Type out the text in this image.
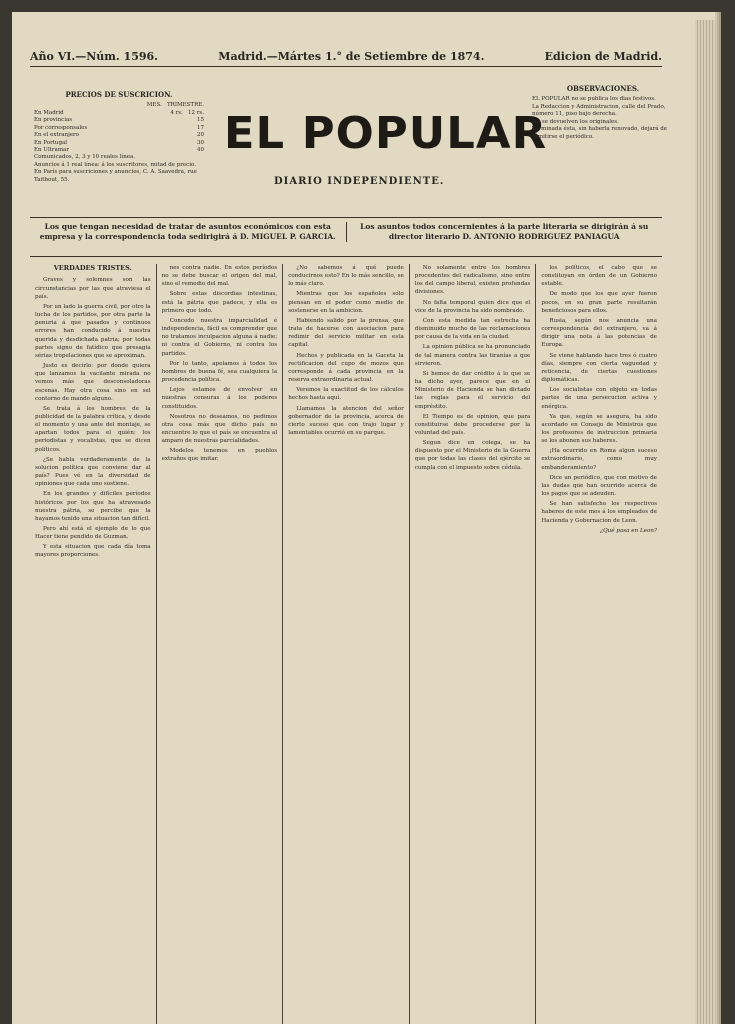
Año VI.—Núm. 1596.	Madrid.—Mártes 1.° de Setiembre de 1874.	Edicion de Madrid.
PRECIOS DE SUSCRICION.
MES. TRIMESTRE.
En Madrid	4 rs. 12 rs.
En provincias	15
Por corresponsales	17
En el extranjero	20
En Portugal	30
En Ultramar	40
Comunicados, 2, 3 y 10 reales línea.
Anuncios á 1 real línea: á los suscritores, mitad de precio.
En París para suscriciones y anuncios, C. A. Saavedra, rue Taitbout, 55.
EL POPULAR
DIARIO INDEPENDIENTE.
OBSERVACIONES.
EL POPULAR no se publica los dias festivos.
La Redaccion y Administracion, calle del Prado, número 11, piso bajo derecha.
No se devuelven los originales.
Terminada ésta, sin haberla renovado, dejará de remitirse el periódico.
Los que tengan necesidad de tratar de asuntos económicos con esta empresa y la correspondencia toda sedirigirá á D. MIGUEL P. GARCIA.
Los asuntos todos concernientes á la parte literaria se dirigirán á su director literario D. ANTONIO RODRIGUEZ PANIAGUA

VERDADES TRISTES.

Graves y solemnes son las circunstancias por las que atraviesa el país.

Por un lado la guerra civil, por otro la lucha de los partidos, por otra parte la penuria á que pasados y continuos errores han conducido á nuestra querida y desdichada patria; por todas partes signo de fatídico que presagia sérias tropelaciones que se aproximan.

Justo es decirlo: por donde quiera que lanzamos la vacilante mirada no vemos más que desconsoladoras escenas. Hay otra cosa sino en sel contorno de mando alguno.

Se trata á los hombres de la publicidad de la palabra crítica, y desde el momento y una ante del montaje, se apartan todos para el quién: los periodistas y vocalistas, que se dicen políticos.

¿Se habla verdaderamente de la solucion política que conviene dar al país? Pues vé en la diversidad de opiniones que cada uno sostiene.

En los grandes y difíciles períodos históricos por los que ha atravesado nuestra pátria, se percibe que la hayamos tenido una situacion tan difícil.

Pero ahí está el ejemplo de lo que Hacer tiene pendido de Guzman.

Y esta situacion que cada día toma mayores proporciones.

nes contra nadie. En estos períodos no se debe buscar el origen del mal, sino el remedio del mal.

Sobre estas discordias intestinas, está la pátria que padece, y ella es primero que todo.

Concedo nuestra imparcialidad é independencia, fácil es comprender que no tratamos inculpacion alguna á nadie; ni contra el Gobierno, ni contra los partidos.

Por lo tanto, apelamos á todos los hombres de buena fé, sea cualquiera la procedencia política.

Lejos estamos de envolver en nuestras censuras á los poderes constituidos.

Nosotros no deseamos, no pedimos otra cosa más que dicho país no encuentre lo que el país se encuentra al amparo de nuestras parcialidades.

Modelos tenemos en pueblos extraños que imitar.

¿No sabemos á qué puede conducirnos esto? En lo más sencillo, se lo más claro.

Mientras que los españoles sólo piensan en el poder como medio de sostenerse en la ambicion.

Habiendo salido por la prensa, que trata de hacerse con asociacion para redimir del servicio militar en esta capital.

Hechos y publicada en la Gaceta la rectificacion del cupo de mozos que corresponde á cada provincia en la reserva extraordinaria actual.

Veremos la exactitud de los cálculos hechos hasta aquí.

Llamamos la atencion del señor gobernador de la provincia, acerca de cierto suceso que con trajo lugar y lamentables ocurrió en su parque.

No solamente entre los hombres procedentes del radicalismo, sino entre los del campo liberal, existen profundas divisiones.

No falta temporal quien dice que el vice de la provincia ha sido nombrado.

Con esta medida tan estrecha ha disminuido mucho de las reclamaciones por causa de la vida en la ciudad.

La opinion pública se ha pronunciado de tal manera contra las tiranías a que sirvieron.

Si hemos de dar crédito á lo que se ha dicho ayer, parece que en el Ministerio de Hacienda se han dictado las reglas para el servicio del empréstito.

El Tiempo es de opinion, que para constituirse debe procederse por la voluntad del país.

Segun dice un colega, se ha dispuesto por el Ministerio de la Guerra que por todas las clases del ejército se cumpla con el impuesto sobre cédula.

los políticos, el cabo que se constituyan en órden de un Gobierno estable.

De modo que los que ayer fueron pocos, en su gran parte resultarán beneficiosos para ellos.

Rusia, según nos anuncia una correspondencia del extranjero, va á dirigir una nota á las potencias de Europa.

Se viene hablando hace tres ó cuatro días, siempre con cierta vaguedad y reticencia, de ciertas cuestiones diplomáticas.

Los socialistas con objeto en todas partes de una persecucion activa y enérgica.

Ya que, según se asegura, ha sido acordado en Consejo de Ministros que los profesores de instruccion primaria se les abonen sus haberes.

¡Ha ocurrido en Roma algun suceso extraordinario, como muy embanderamiento?

Dice un periódico, que con motivo de las dudas que han ocurrido acerca de los pagos que se adeuden.

Se han satisfecho los respectivos haberes de este mes á los empleados de Hacienda y Gobernacion de Leon.

¿Qué pasa en Leon?
